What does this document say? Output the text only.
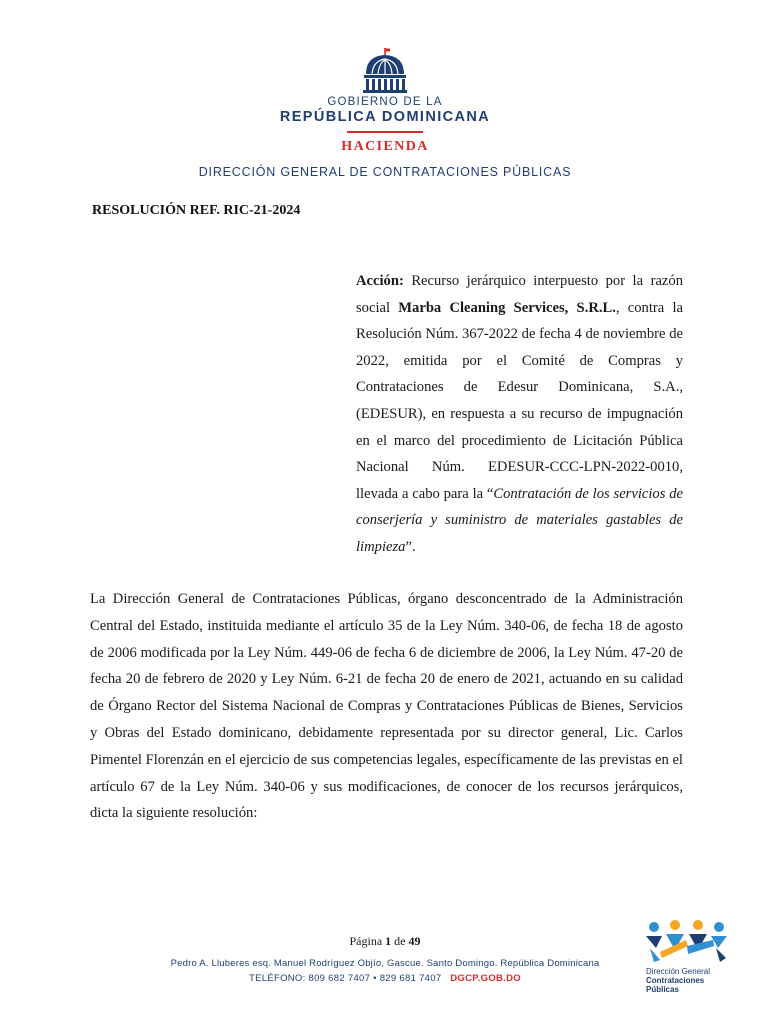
GOBIERNO DE LA
REPÚBLICA DOMINICANA
HACIENDA
DIRECCIÓN GENERAL DE CONTRATACIONES PÚBLICAS
RESOLUCIÓN REF. RIC-21-2024
Acción: Recurso jerárquico interpuesto por la razón social Marba Cleaning Services, S.R.L., contra la Resolución Núm. 367-2022 de fecha 4 de noviembre de 2022, emitida por el Comité de Compras y Contrataciones de Edesur Dominicana, S.A., (EDESUR), en respuesta a su recurso de impugnación en el marco del procedimiento de Licitación Pública Nacional Núm. EDESUR-CCC-LPN-2022-0010, llevada a cabo para la “Contratación de los servicios de conserjería y suministro de materiales gastables de limpieza”.
La Dirección General de Contrataciones Públicas, órgano desconcentrado de la Administración Central del Estado, instituida mediante el artículo 35 de la Ley Núm. 340-06, de fecha 18 de agosto de 2006 modificada por la Ley Núm. 449-06 de fecha 6 de diciembre de 2006, la Ley Núm. 47-20 de fecha 20 de febrero de 2020 y Ley Núm. 6-21 de fecha 20 de enero de 2021, actuando en su calidad de Órgano Rector del Sistema Nacional de Compras y Contrataciones Públicas de Bienes, Servicios y Obras del Estado dominicano, debidamente representada por su director general, Lic. Carlos Pimentel Florenzán en el ejercicio de sus competencias legales, específicamente de las previstas en el artículo 67 de la Ley Núm. 340-06 y sus modificaciones, de conocer de los recursos jerárquicos, dicta la siguiente resolución:
Página 1 de 49
Pedro A. Lluberes esq. Manuel Rodríguez Objío, Gascue. Santo Domingo. República Dominicana
TELÉFONO: 809 682 7407 • 829 681 7407 DGCP.GOB.DO
Dirección General
Contrataciones Públicas
